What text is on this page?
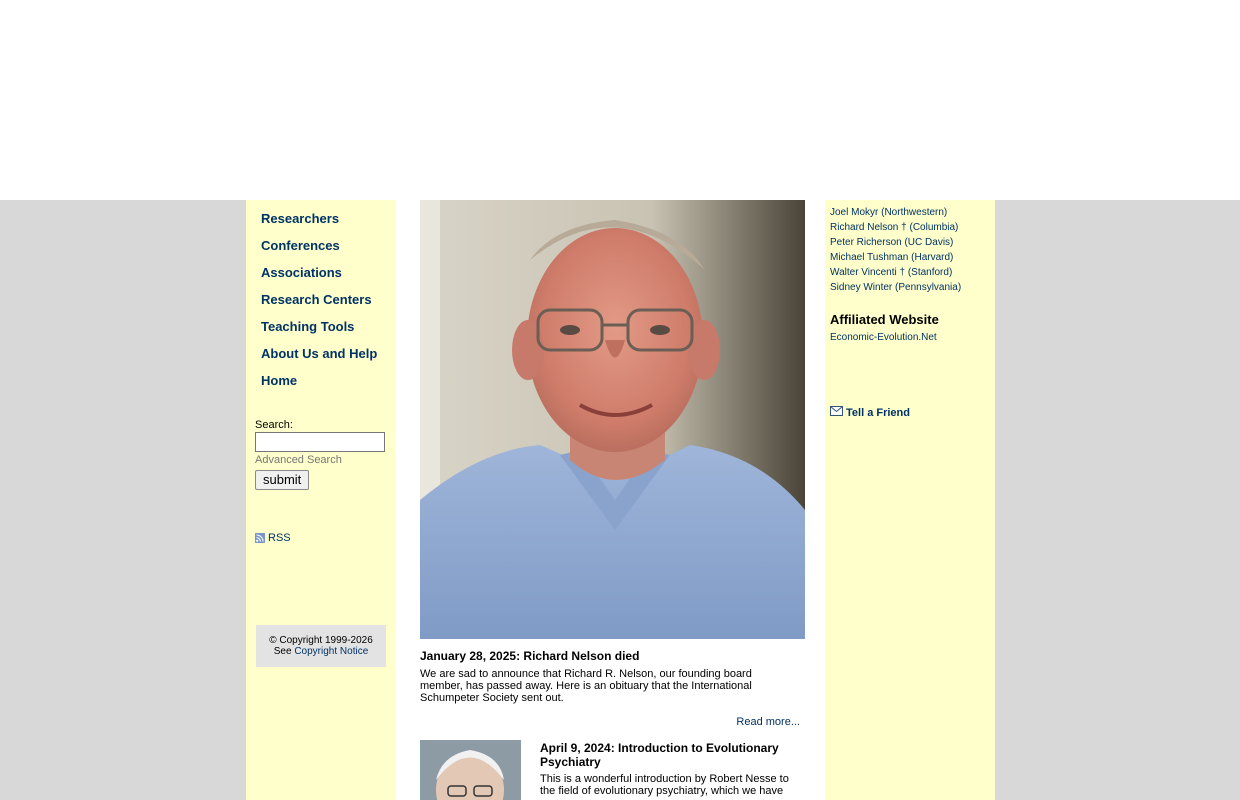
Researchers
Conferences
Associations
Research Centers
Teaching Tools
About Us and Help
Home
Search:
Advanced Search
submit
RSS
© Copyright 1999-2026
See Copyright Notice	January 28, 2025: Richard Nelson died
We are sad to announce that Richard R. Nelson, our founding board member, has passed away. Here is an obituary that the International Schumpeter Society sent out.
Read more...
April 9, 2024: Introduction to Evolutionary Psychiatry
This is a wonderful introduction by Robert Nesse to the field of evolutionary psychiatry, which we have
Joel Mokyr (Northwestern)
Richard Nelson † (Columbia)
Peter Richerson (UC Davis)
Michael Tushman (Harvard)
Walter Vincenti † (Stanford)
Sidney Winter (Pennsylvania)
Affiliated Website
Economic-Evolution.Net
Tell a Friend
